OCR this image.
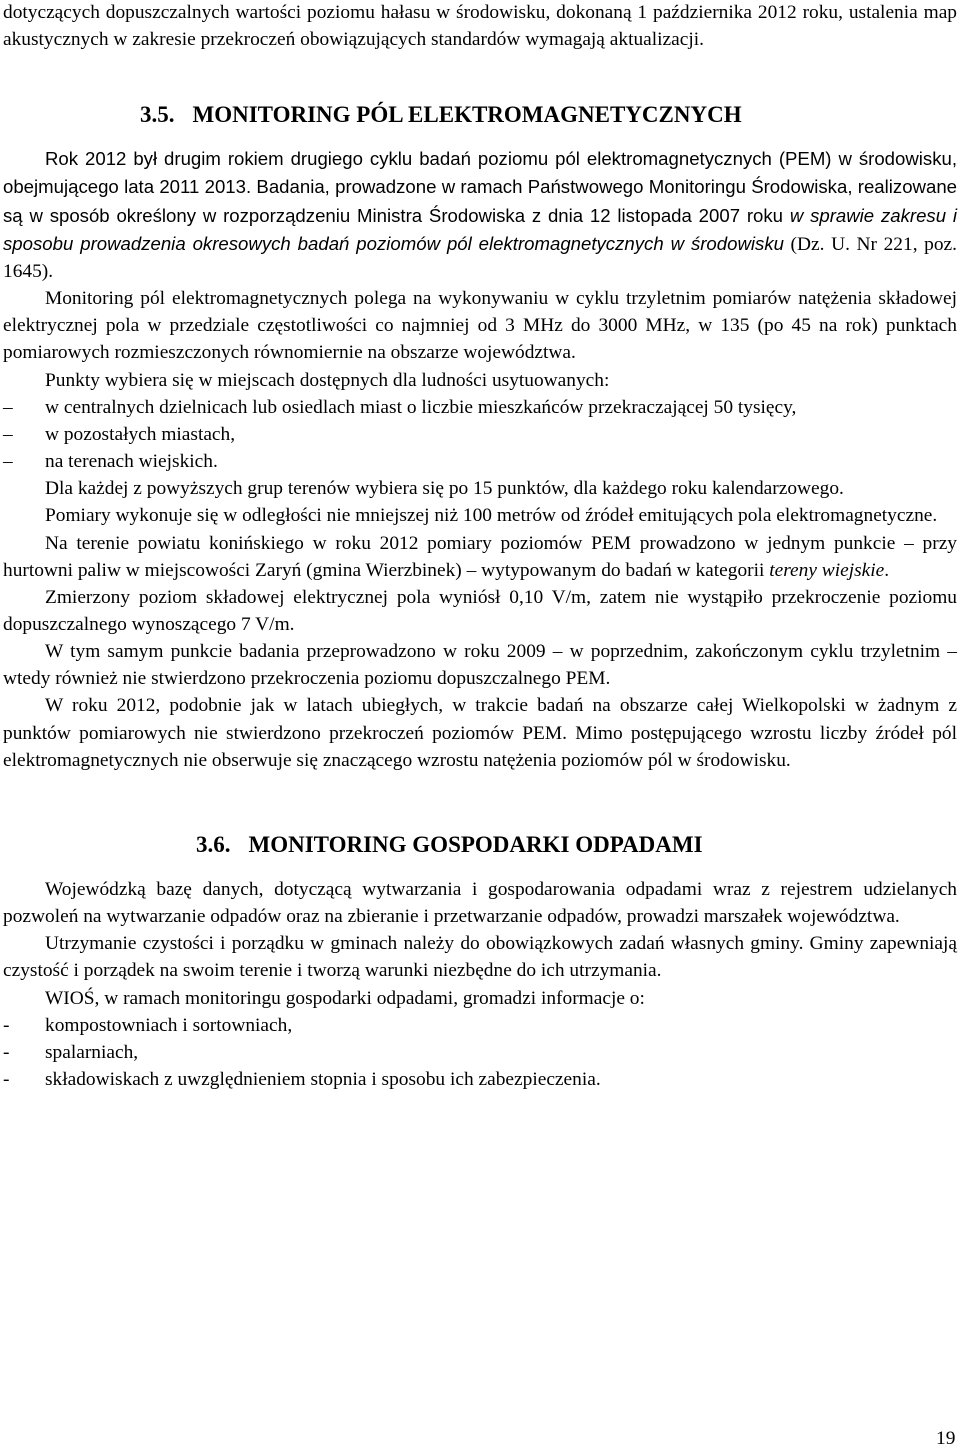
dotyczących dopuszczalnych wartości poziomu hałasu w środowisku, dokonaną 1 października 2012 roku, ustalenia map akustycznych w zakresie przekroczeń obowiązujących standardów wymagają aktualizacji.

3.5. MONITORING PÓL ELEKTROMAGNETYCZNYCH

Rok 2012 był drugim rokiem drugiego cyklu badań poziomu pól elektromagnetycznych (PEM) w środowisku, obejmującego lata 2011 2013. Badania, prowadzone w ramach Państwowego Monitoringu Środowiska, realizowane są w sposób określony w rozporządzeniu Ministra Środowiska z dnia 12 listopada 2007 roku w sprawie zakresu i sposobu prowadzenia okresowych badań poziomów pól elektromagnetycznych w środowisku (Dz. U. Nr 221, poz. 1645).

Monitoring pól elektromagnetycznych polega na wykonywaniu w cyklu trzyletnim pomiarów natężenia składowej elektrycznej pola w przedziale częstotliwości co najmniej od 3 MHz do 3000 MHz, w 135 (po 45 na rok) punktach pomiarowych rozmieszczonych równomiernie na obszarze województwa.

Punkty wybiera się w miejscach dostępnych dla ludności usytuowanych:

– w centralnych dzielnicach lub osiedlach miast o liczbie mieszkańców przekraczającej 50 tysięcy,
– w pozostałych miastach,
– na terenach wiejskich.

Dla każdej z powyższych grup terenów wybiera się po 15 punktów, dla każdego roku kalendarzowego.

Pomiary wykonuje się w odległości nie mniejszej niż 100 metrów od źródeł emitujących pola elektromagnetyczne.

Na terenie powiatu konińskiego w roku 2012 pomiary poziomów PEM prowadzono w jednym punkcie – przy hurtowni paliw w miejscowości Zaryń (gmina Wierzbinek) – wytypowanym do badań w kategorii tereny wiejskie.

Zmierzony poziom składowej elektrycznej pola wyniósł 0,10 V/m, zatem nie wystąpiło przekroczenie poziomu dopuszczalnego wynoszącego 7 V/m.

W tym samym punkcie badania przeprowadzono w roku 2009 – w poprzednim, zakończonym cyklu trzyletnim – wtedy również nie stwierdzono przekroczenia poziomu dopuszczalnego PEM.

W roku 2012, podobnie jak w latach ubiegłych, w trakcie badań na obszarze całej Wielkopolski w żadnym z punktów pomiarowych nie stwierdzono przekroczeń poziomów PEM. Mimo postępującego wzrostu liczby źródeł pól elektromagnetycznych nie obserwuje się znaczącego wzrostu natężenia poziomów pól w środowisku.

3.6. MONITORING GOSPODARKI ODPADAMI

Wojewódzką bazę danych, dotyczącą wytwarzania i gospodarowania odpadami wraz z rejestrem udzielanych pozwoleń na wytwarzanie odpadów oraz na zbieranie i przetwarzanie odpadów, prowadzi marszałek województwa.

Utrzymanie czystości i porządku w gminach należy do obowiązkowych zadań własnych gminy. Gminy zapewniają czystość i porządek na swoim terenie i tworzą warunki niezbędne do ich utrzymania.

WIOŚ, w ramach monitoringu gospodarki odpadami, gromadzi informacje o:

- kompostowniach i sortowniach,
- spalarniach,
- składowiskach z uwzględnieniem stopnia i sposobu ich zabezpieczenia.
19
